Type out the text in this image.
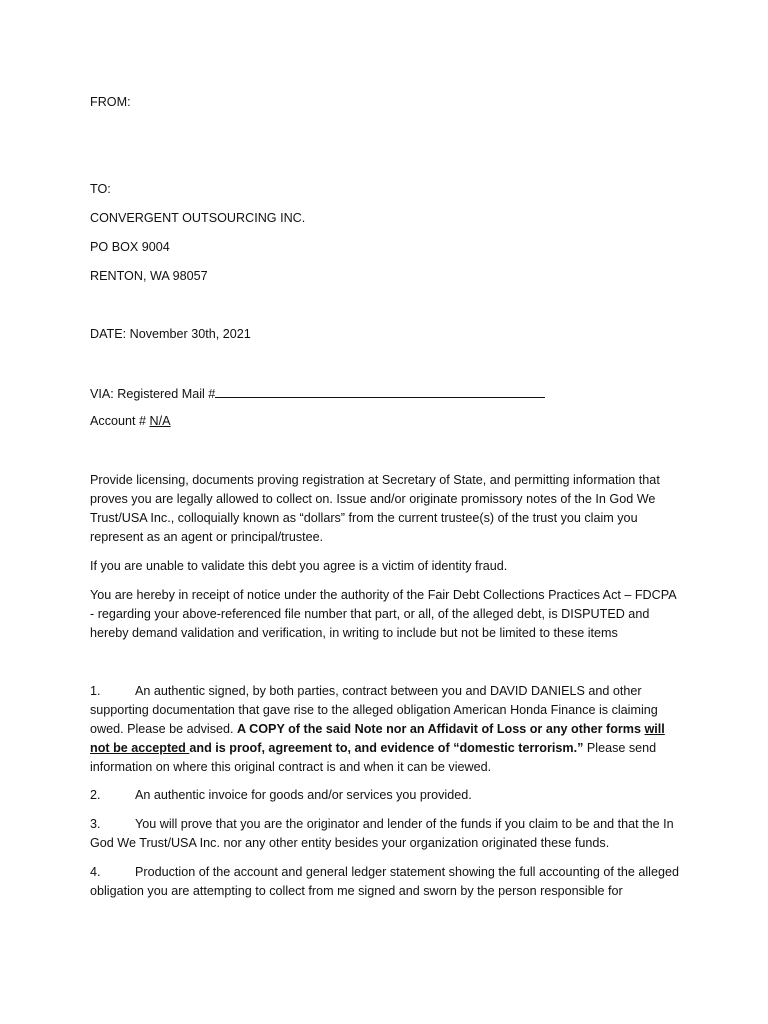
FROM:
TO:
CONVERGENT OUTSOURCING INC.
PO BOX 9004
RENTON, WA 98057
DATE: November 30th, 2021
VIA: Registered Mail #
Account # N/A
Provide licensing, documents proving registration at Secretary of State, and permitting information that proves you are legally allowed to collect on. Issue and/or originate promissory notes of the In God We Trust/USA Inc., colloquially known as “dollars” from the current trustee(s) of the trust you claim you represent as an agent or principal/trustee.
If you are unable to validate this debt you agree is a victim of identity fraud.
You are hereby in receipt of notice under the authority of the Fair Debt Collections Practices Act – FDCPA - regarding your above-referenced file number that part, or all, of the alleged debt, is DISPUTED and hereby demand validation and verification, in writing to include but not be limited to these items
1.	An authentic signed, by both parties, contract between you and DAVID DANIELS and other supporting documentation that gave rise to the alleged obligation American Honda Finance is claiming owed. Please be advised. A COPY of the said Note nor an Affidavit of Loss or any other forms will not be accepted and is proof, agreement to, and evidence of “domestic terrorism.” Please send information on where this original contract is and when it can be viewed.
2.	An authentic invoice for goods and/or services you provided.
3.	You will prove that you are the originator and lender of the funds if you claim to be and that the In God We Trust/USA Inc. nor any other entity besides your organization originated these funds.
4.	Production of the account and general ledger statement showing the full accounting of the alleged obligation you are attempting to collect from me signed and sworn by the person responsible for
